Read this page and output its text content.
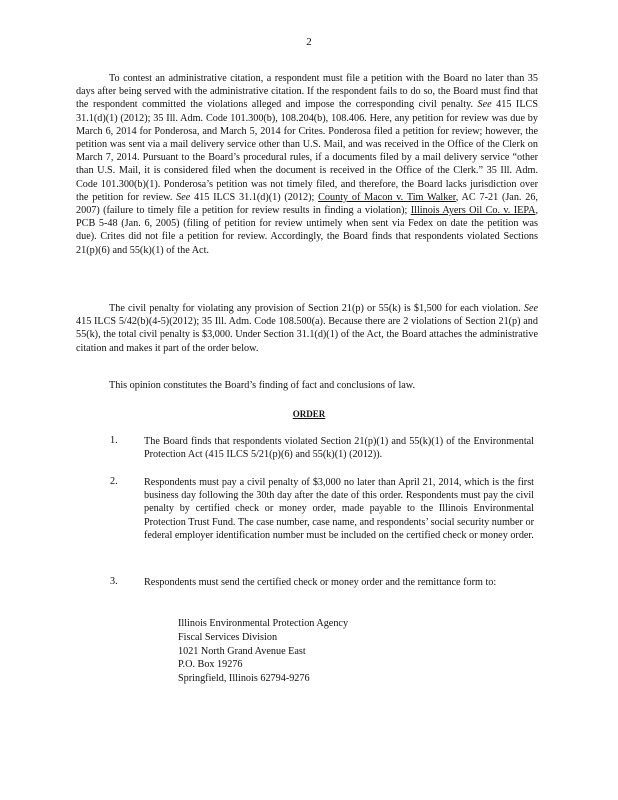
2

To contest an administrative citation, a respondent must file a petition with the Board no later than 35 days after being served with the administrative citation. If the respondent fails to do so, the Board must find that the respondent committed the violations alleged and impose the corresponding civil penalty. See 415 ILCS 31.1(d)(1) (2012); 35 Ill. Adm. Code 101.300(b), 108.204(b), 108.406. Here, any petition for review was due by March 6, 2014 for Ponderosa, and March 5, 2014 for Crites. Ponderosa filed a petition for review; however, the petition was sent via a mail delivery service other than U.S. Mail, and was received in the Office of the Clerk on March 7, 2014. Pursuant to the Board’s procedural rules, if a documents filed by a mail delivery service “other than U.S. Mail, it is considered filed when the document is received in the Office of the Clerk.” 35 Ill. Adm. Code 101.300(b)(1). Ponderosa’s petition was not timely filed, and therefore, the Board lacks jurisdiction over the petition for review. See 415 ILCS 31.1(d)(1) (2012); County of Macon v. Tim Walker, AC 7-21 (Jan. 26, 2007) (failure to timely file a petition for review results in finding a violation); Illinois Ayers Oil Co. v. IEPA, PCB 5-48 (Jan. 6, 2005) (filing of petition for review untimely when sent via Fedex on date the petition was due). Crites did not file a petition for review. Accordingly, the Board finds that respondents violated Sections 21(p)(6) and 55(k)(1) of the Act.

The civil penalty for violating any provision of Section 21(p) or 55(k) is $1,500 for each violation. See 415 ILCS 5/42(b)(4-5)(2012); 35 Ill. Adm. Code 108.500(a). Because there are 2 violations of Section 21(p) and 55(k), the total civil penalty is $3,000. Under Section 31.1(d)(1) of the Act, the Board attaches the administrative citation and makes it part of the order below.

This opinion constitutes the Board’s finding of fact and conclusions of law.

ORDER
1.	The Board finds that respondents violated Section 21(p)(1) and 55(k)(1) of the Environmental Protection Act (415 ILCS 5/21(p)(6) and 55(k)(1) (2012)).

2.	Respondents must pay a civil penalty of $3,000 no later than April 21, 2014, which is the first business day following the 30th day after the date of this order. Respondents must pay the civil penalty by certified check or money order, made payable to the Illinois Environmental Protection Trust Fund. The case number, case name, and respondents’ social security number or federal employer identification number must be included on the certified check or money order.

3.	Respondents must send the certified check or money order and the remittance form to:

Illinois Environmental Protection Agency
Fiscal Services Division
1021 North Grand Avenue East
P.O. Box 19276
Springfield, Illinois 62794-9276
